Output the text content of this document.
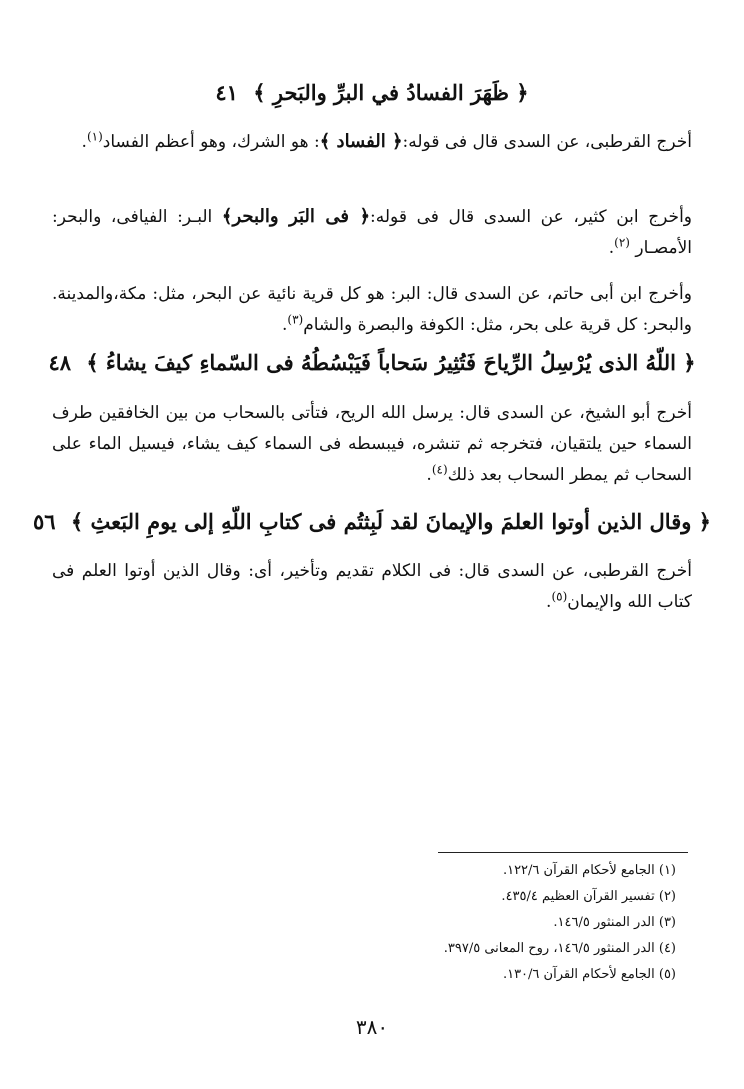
﴿ ظَهَرَ الفسادُ في البرِّ والبَحرِ ﴾ ٤١
أخرج القرطبى، عن السدى قال فى قوله:﴿ الفساد ﴾: هو الشرك، وهو أعظم الفساد$^{(١)}$.
وأخرج ابن كثير، عن السدى قال فى قوله:﴿ فى البَر والبحر﴾ البـر: الفيافى، والبحر: الأمصـار $^{(٢)}$.
وأخرج ابن أبى حاتم، عن السدى قال: البر: هو كل قرية نائية عن البحر، مثل: مكة،والمدينة. والبحر: كل قرية على بحر، مثل: الكوفة والبصرة والشام$^{(٣)}$.
﴿ اللّهُ الذى يُرْسِلُ الرِّياحَ فَتُثِيرُ سَحاباً فَيَبْسُطُهُ فى السّماءِ كيفَ يشاءُ ﴾ ٤٨
أخرج أبو الشيخ، عن السدى قال: يرسل الله الريح، فتأتى بالسحاب من بين الخافقين طرف السماء حين يلتقيان، فتخرجه ثم تنشره، فيبسطه فى السماء كيف يشاء، فيسيل الماء على السحاب ثم يمطر السحاب بعد ذلك$^{(٤)}$.
﴿ وقال الذين أوتوا العلمَ والإيمانَ لقد لَبِثتُم فى كتابِ اللّهِ إلى يومِ البَعثِ ﴾ ٥٦
أخرج القرطبى، عن السدى قال: فى الكلام تقديم وتأخير، أى: وقال الذين أوتوا العلم فى كتاب الله والإيمان$^{(٥)}$.
(١) الجامع لأحكام القرآن ١٢٢/٦.
(٢) تفسير القرآن العظيم ٤٣٥/٤.
(٣) الدر المنثور ١٤٦/٥.
(٤) الدر المنثور ١٤٦/٥، روح المعانى ٣٩٧/٥.
(٥) الجامع لأحكام القرآن ١٣٠/٦.
٣٨٠
